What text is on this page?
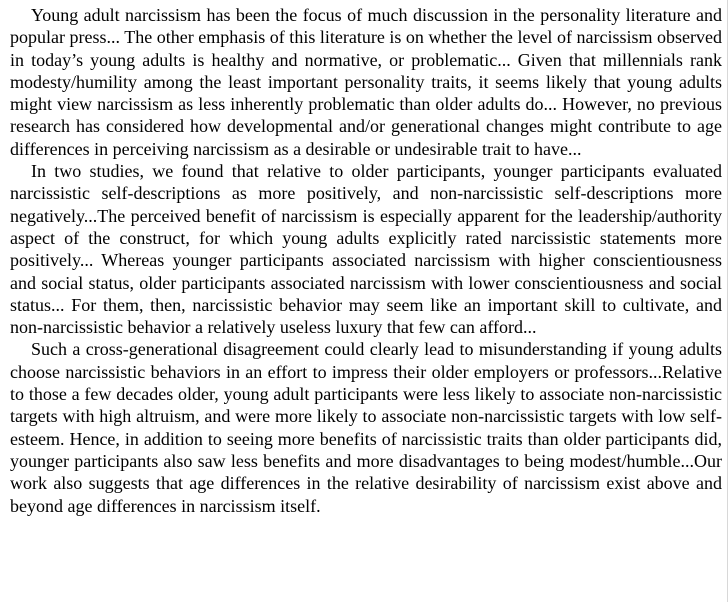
Young adult narcissism has been the focus of much discussion in the personality literature and popular press... The other emphasis of this literature is on whether the level of narcissism observed in today’s young adults is healthy and normative, or problematic... Given that millennials rank modesty/humility among the least important personality traits, it seems likely that young adults might view narcissism as less inherently problematic than older adults do... However, no previous research has considered how developmental and/or generational changes might contribute to age differences in perceiving narcissism as a desirable or undesirable trait to have...

In two studies, we found that relative to older participants, younger participants evaluated narcissistic self-descriptions as more positively, and non-narcissistic self-descriptions more negatively...The perceived benefit of narcissism is especially apparent for the leadership/authority aspect of the construct, for which young adults explicitly rated narcissistic statements more positively... Whereas younger participants associated narcissism with higher conscientiousness and social status, older participants associated narcissism with lower conscientiousness and social status... For them, then, narcissistic behavior may seem like an important skill to cultivate, and non-narcissistic behavior a relatively useless luxury that few can afford...

Such a cross-generational disagreement could clearly lead to misunderstanding if young adults choose narcissistic behaviors in an effort to impress their older employers or professors...Relative to those a few decades older, young adult participants were less likely to associate non-narcissistic targets with high altruism, and were more likely to associate non-narcissistic targets with low self-esteem. Hence, in addition to seeing more benefits of narcissistic traits than older participants did, younger participants also saw less benefits and more disadvantages to being modest/humble...Our work also suggests that age differences in the relative desirability of narcissism exist above and beyond age differences in narcissism itself.
